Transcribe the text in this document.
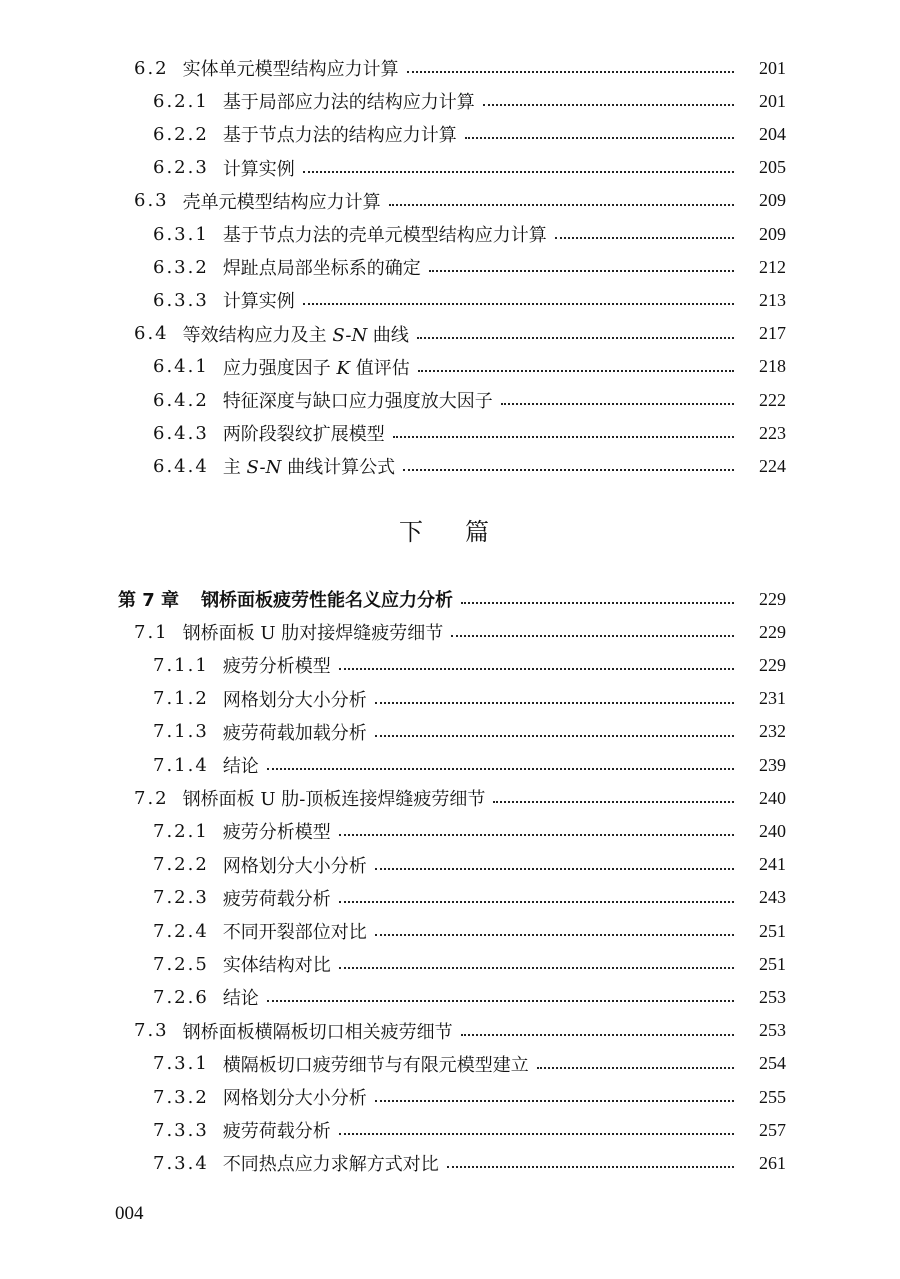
6.2 实体单元模型结构应力计算	201
6.2.1 基于局部应力法的结构应力计算	201
6.2.2 基于节点力法的结构应力计算	204
6.2.3 计算实例	205
6.3 壳单元模型结构应力计算	209
6.3.1 基于节点力法的壳单元模型结构应力计算	209
6.3.2 焊趾点局部坐标系的确定	212
6.3.3 计算实例	213
6.4 等效结构应力及主 S-N 曲线	217
6.4.1 应力强度因子 K 值评估	218
6.4.2 特征深度与缺口应力强度放大因子	222
6.4.3 两阶段裂纹扩展模型	223
6.4.4 主 S-N 曲线计算公式	224
下篇
第 7 章 钢桥面板疲劳性能名义应力分析	229
7.1 钢桥面板 U 肋对接焊缝疲劳细节	229
7.1.1 疲劳分析模型	229
7.1.2 网格划分大小分析	231
7.1.3 疲劳荷载加载分析	232
7.1.4 结论	239
7.2 钢桥面板 U 肋-顶板连接焊缝疲劳细节	240
7.2.1 疲劳分析模型	240
7.2.2 网格划分大小分析	241
7.2.3 疲劳荷载分析	243
7.2.4 不同开裂部位对比	251
7.2.5 实体结构对比	251
7.2.6 结论	253
7.3 钢桥面板横隔板切口相关疲劳细节	253
7.3.1 横隔板切口疲劳细节与有限元模型建立	254
7.3.2 网格划分大小分析	255
7.3.3 疲劳荷载分析	257
7.3.4 不同热点应力求解方式对比	261
004
